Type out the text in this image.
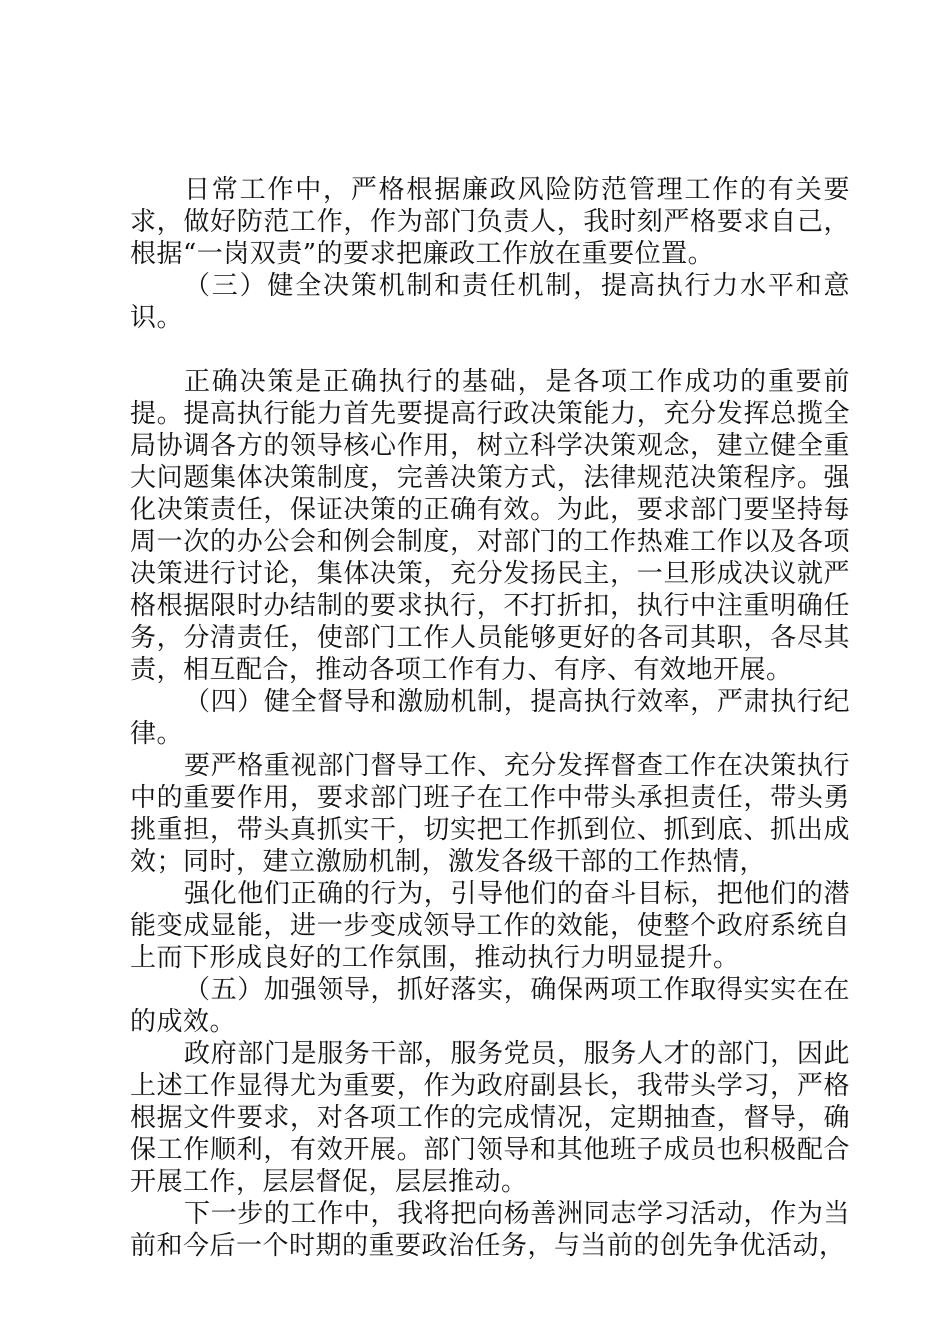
日常工作中，严格根据廉政风险防范管理工作的有关要求，做好防范工作，作为部门负责人，我时刻严格要求自己，根据“一岗双责”的要求把廉政工作放在重要位置。

（三）健全决策机制和责任机制，提高执行力水平和意识。

正确决策是正确执行的基础，是各项工作成功的重要前提。提高执行能力首先要提高行政决策能力，充分发挥总揽全局协调各方的领导核心作用，树立科学决策观念，建立健全重大问题集体决策制度，完善决策方式，法律规范决策程序。强化决策责任，保证决策的正确有效。为此，要求部门要坚持每周一次的办公会和例会制度，对部门的工作热难工作以及各项决策进行讨论，集体决策，充分发扬民主，一旦形成决议就严格根据限时办结制的要求执行，不打折扣，执行中注重明确任务，分清责任，使部门工作人员能够更好的各司其职，各尽其责，相互配合，推动各项工作有力、有序、有效地开展。

（四）健全督导和激励机制，提高执行效率，严肃执行纪律。

要严格重视部门督导工作、充分发挥督查工作在决策执行中的重要作用，要求部门班子在工作中带头承担责任，带头勇挑重担，带头真抓实干，切实把工作抓到位、抓到底、抓出成效；同时，建立激励机制，激发各级干部的工作热情，

强化他们正确的行为，引导他们的奋斗目标，把他们的潜能变成显能，进一步变成领导工作的效能，使整个政府系统自上而下形成良好的工作氛围，推动执行力明显提升。

（五）加强领导，抓好落实，确保两项工作取得实实在在的成效。

政府部门是服务干部，服务党员，服务人才的部门，因此上述工作显得尤为重要，作为政府副县长，我带头学习，严格根据文件要求，对各项工作的完成情况，定期抽查，督导，确保工作顺利，有效开展。部门领导和其他班子成员也积极配合开展工作，层层督促，层层推动。

下一步的工作中，我将把向杨善洲同志学习活动，作为当前和今后一个时期的重要政治任务，与当前的创先争优活动，
